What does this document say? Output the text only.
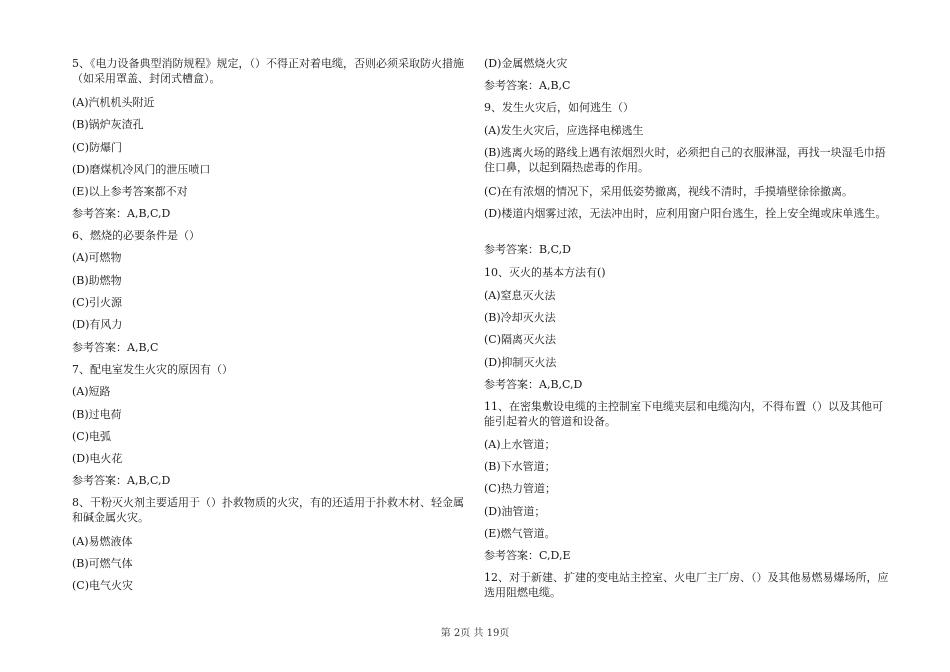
5、《电力设备典型消防规程》规定，（）不得正对着电缆，否则必须采取防火措施（如采用罩盖、封闭式槽盒）。
(A)汽机机头附近
(B)锅炉灰渣孔
(C)防爆门
(D)磨煤机冷风门的泄压喷口
(E)以上参考答案都不对
参考答案：A,B,C,D
6、燃烧的必要条件是（）
(A)可燃物
(B)助燃物
(C)引火源
(D)有风力
参考答案：A,B,C
7、配电室发生火灾的原因有（）
(A)短路
(B)过电荷
(C)电弧
(D)电火花
参考答案：A,B,C,D
8、干粉灭火剂主要适用于（）扑救物质的火灾，有的还适用于扑救木材、轻金属和碱金属火灾。
(A)易燃液体
(B)可燃气体
(C)电气火灾
(D)金属燃烧火灾
参考答案：A,B,C
9、发生火灾后，如何逃生（）
(A)发生火灾后，应选择电梯逃生
(B)逃离火场的路线上遇有浓烟烈火时，必须把自己的衣服淋湿，再找一块湿毛巾捂住口鼻，以起到隔热虑毒的作用。
(C)在有浓烟的情况下，采用低姿势撤离，视线不清时，手摸墙壁徐徐撤离。
(D)楼道内烟雾过浓，无法冲出时，应利用窗户阳台逃生，拴上安全绳或床单逃生。
参考答案：B,C,D
10、灭火的基本方法有()
(A)窒息灭火法
(B)冷却灭火法
(C)隔离灭火法
(D)抑制灭火法
参考答案：A,B,C,D
11、在密集敷设电缆的主控制室下电缆夹层和电缆沟内，不得布置（）以及其他可能引起着火的管道和设备。
(A)上水管道；
(B)下水管道；
(C)热力管道；
(D)油管道；
(E)燃气管道。
参考答案：C,D,E
12、对于新建、扩建的变电站主控室、火电厂主厂房、（）及其他易燃易爆场所，应选用阻燃电缆。
第 2页 共 19页
